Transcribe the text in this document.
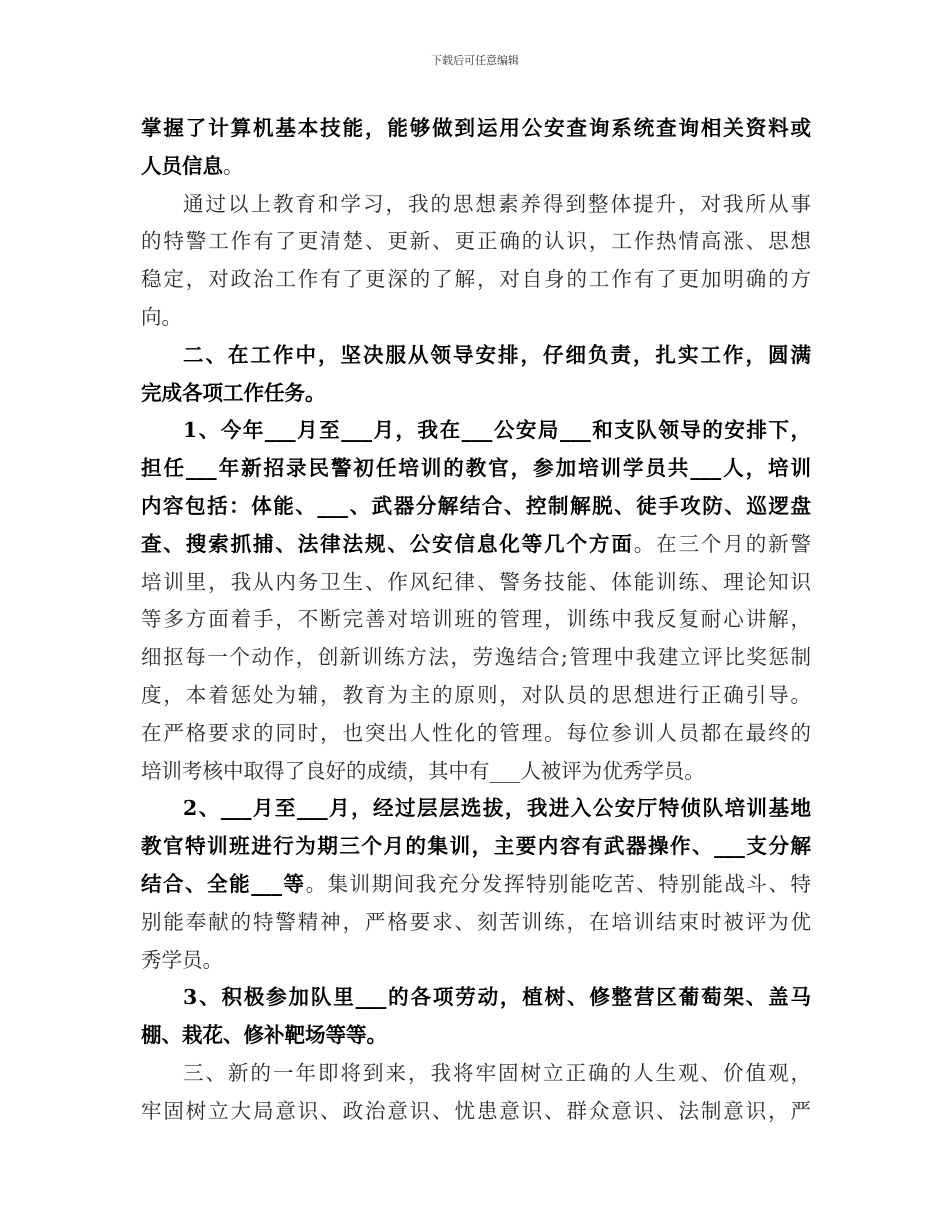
下载后可任意编辑
掌握了计算机基本技能，能够做到运用公安查询系统查询相关资料或
人员信息。
通过以上教育和学习，我的思想素养得到整体提升，对我所从事
的特警工作有了更清楚、更新、更正确的认识，工作热情高涨、思想
稳定，对政治工作有了更深的了解，对自身的工作有了更加明确的方
向。
二、在工作中，坚决服从领导安排，仔细负责，扎实工作，圆满
完成各项工作任务。
1、今年___月至___月，我在___公安局___和支队领导的安排下，
担任___年新招录民警初任培训的教官，参加培训学员共___人，培训
内容包括：体能、___、武器分解结合、控制解脱、徒手攻防、巡逻盘
查、搜索抓捕、法律法规、公安信息化等几个方面。在三个月的新警
培训里，我从内务卫生、作风纪律、警务技能、体能训练、理论知识
等多方面着手，不断完善对培训班的管理，训练中我反复耐心讲解，
细抠每一个动作，创新训练方法，劳逸结合;管理中我建立评比奖惩制
度，本着惩处为辅，教育为主的原则，对队员的思想进行正确引导。
在严格要求的同时，也突出人性化的管理。每位参训人员都在最终的
培训考核中取得了良好的成绩，其中有___人被评为优秀学员。
2、___月至___月，经过层层选拔，我进入公安厅特侦队培训基地
教官特训班进行为期三个月的集训，主要内容有武器操作、___支分解
结合、全能___等。集训期间我充分发挥特别能吃苦、特别能战斗、特
别能奉献的特警精神，严格要求、刻苦训练，在培训结束时被评为优
秀学员。
3、积极参加队里___的各项劳动，植树、修整营区葡萄架、盖马
棚、栽花、修补靶场等等。
三、新的一年即将到来，我将牢固树立正确的人生观、价值观，
牢固树立大局意识、政治意识、忧患意识、群众意识、法制意识，严
